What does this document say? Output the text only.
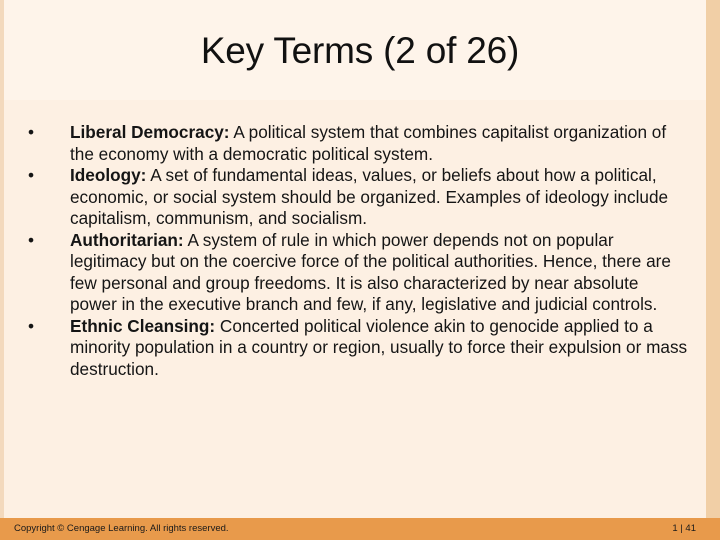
Key Terms (2 of 26)
•	Liberal Democracy: A political system that combines capitalist organization of the economy with a democratic political system.
•	Ideology: A set of fundamental ideas, values, or beliefs about how a political, economic, or social system should be organized. Examples of ideology include capitalism, communism, and socialism.
•	Authoritarian: A system of rule in which power depends not on popular legitimacy but on the coercive force of the political authorities. Hence, there are few personal and group freedoms. It is also characterized by near absolute power in the executive branch and few, if any, legislative and judicial controls.
•	Ethnic Cleansing: Concerted political violence akin to genocide applied to a minority population in a country or region, usually to force their expulsion or mass destruction.
Copyright © Cengage Learning. All rights reserved.	1 | 41
